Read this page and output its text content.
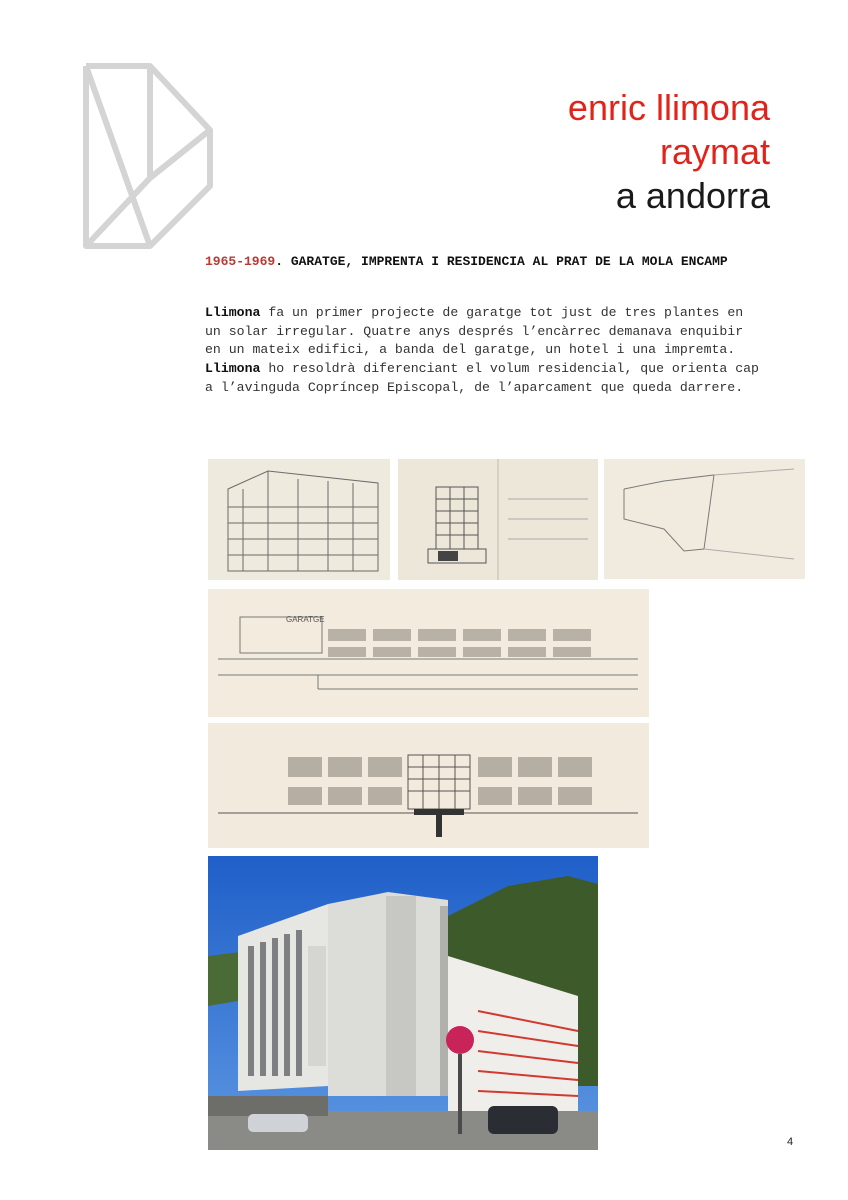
enric llimona
raymat
a andorra
1965-1969. GARATGE, IMPRENTA I RESIDENCIA AL PRAT DE LA MOLA ENCAMP
Llimona fa un primer projecte de garatge tot just de tres plantes en un solar irregular. Quatre anys després l’encàrrec demanava enquibir en un mateix edifici, a banda del garatge, un hotel i una impremta. Llimona ho resoldrà diferenciant el volum residencial, que orienta cap a l’avinguda Copríncep Episcopal, de l’aparcament que queda darrere.
GARATGE
4
